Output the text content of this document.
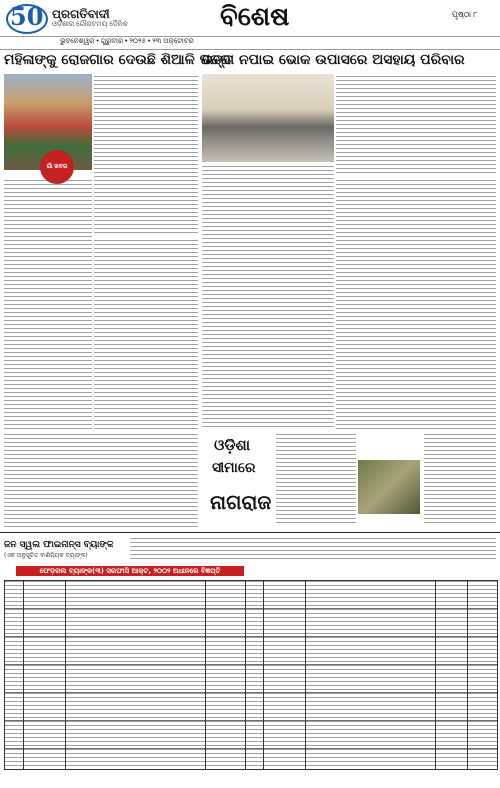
50 ପ୍ରଗତିବାଦୀ
ଓଡ଼ିଶାର ଗୌରବମୟ ଦୈନିକ	ବିଶେଷ	ପୃଷ୍ଠା ୮
ଭୁବନେଶ୍ୱର • ଗୁରୁବାର • ୨୦୨୫ • ୨୩ ଅକ୍ଟୋବର
ମହିଳାଙ୍କୁ ରୋଜଗାର ଦେଉଛି ଶିଆଳି ପତ୍ର
ଭତ୍ତା ନପାଇ ଭୋକ ଉପାସରେ ଅସହାୟ ପରିବାର
ଗାଁ ଖବର
ଓଡ଼ିଶା
ସୀମାରେ
ନାଗରାଜ
ଜନ ସ୍ୱଲ ଫାଇନାନ୍ସ ବ୍ୟାଙ୍କ
(ଏକ ଅନୁସୂଚିତ ବାଣିଜ୍ୟିକ ବ୍ୟାଙ୍କ)
ଫେଡ଼ରଲ ବ୍ୟାଙ୍କ(୩) ସରଫାସି ଆକ୍ଟ, ୨୦୦୨ ଅଧୀନରେ ବିଜ୍ଞପ୍ତି
